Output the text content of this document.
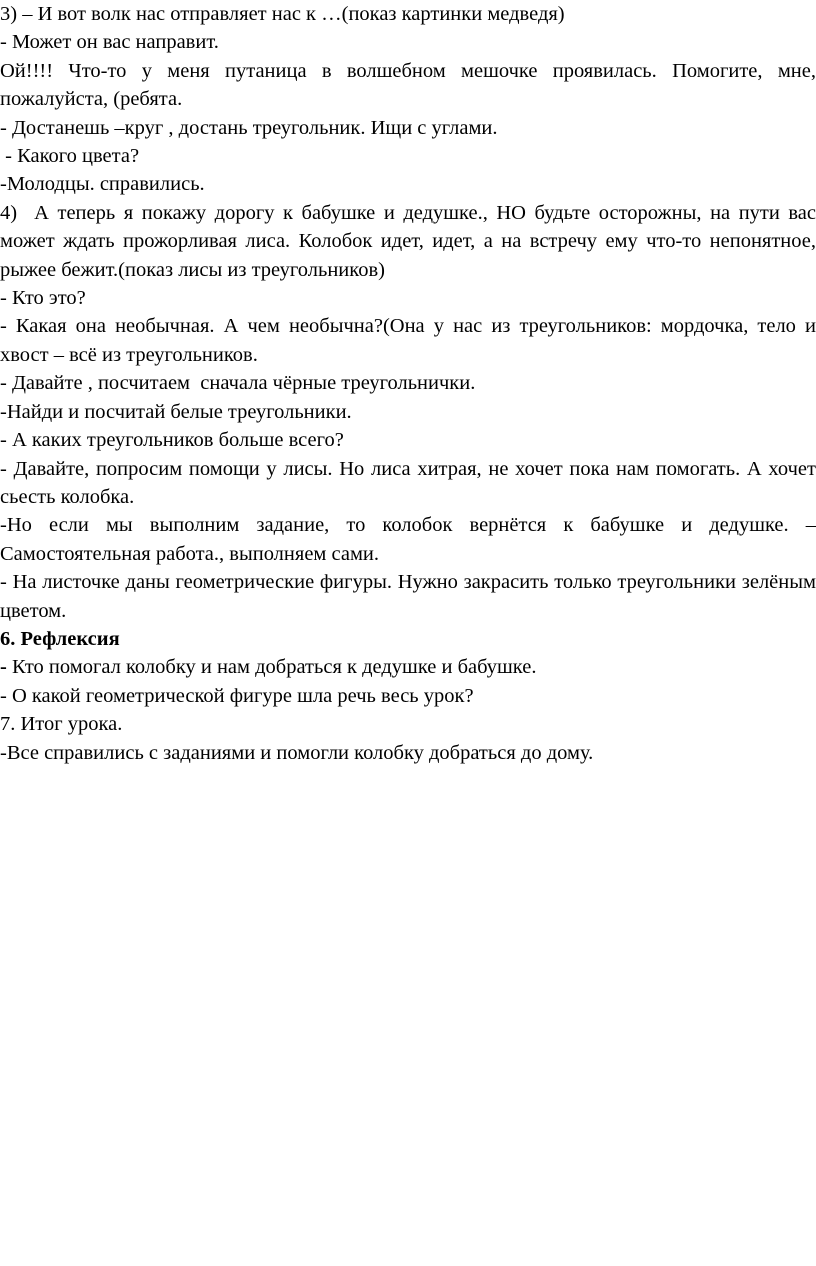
3) – И вот волк нас отправляет нас к …(показ картинки медведя)

- Может он вас направит.

Ой!!!! Что-то у меня путаница в волшебном мешочке проявилась. Помогите, мне, пожалуйста, (ребята.

- Достанешь –круг , достань треугольник. Ищи с углами.

- Какого цвета?

-Молодцы. справились.

4)  А теперь я покажу дорогу к бабушке и дедушке., НО будьте осторожны, на пути вас может ждать прожорливая лиса. Колобок идет, идет, а на встречу ему что-то непонятное, рыжее бежит.(показ лисы из треугольников)

- Кто это?

- Какая она необычная. А чем необычна?(Она у нас из треугольников: мордочка, тело и хвост – всё из треугольников.

- Давайте , посчитаем  сначала чёрные треугольнички.

-Найди и посчитай белые треугольники.

- А каких треугольников больше всего?

- Давайте, попросим помощи у лисы. Но лиса хитрая, не хочет пока нам помогать. А хочет сьесть колобка.

-Но если мы выполним задание, то колобок вернётся к бабушке и дедушке. – Самостоятельная работа., выполняем сами.

- На листочке даны геометрические фигуры. Нужно закрасить только треугольники зелёным цветом.

6. Рефлексия

- Кто помогал колобку и нам добраться к дедушке и бабушке.

- О какой геометрической фигуре шла речь весь урок?

7. Итог урока.

-Все справились с заданиями и помогли колобку добраться до дому.
